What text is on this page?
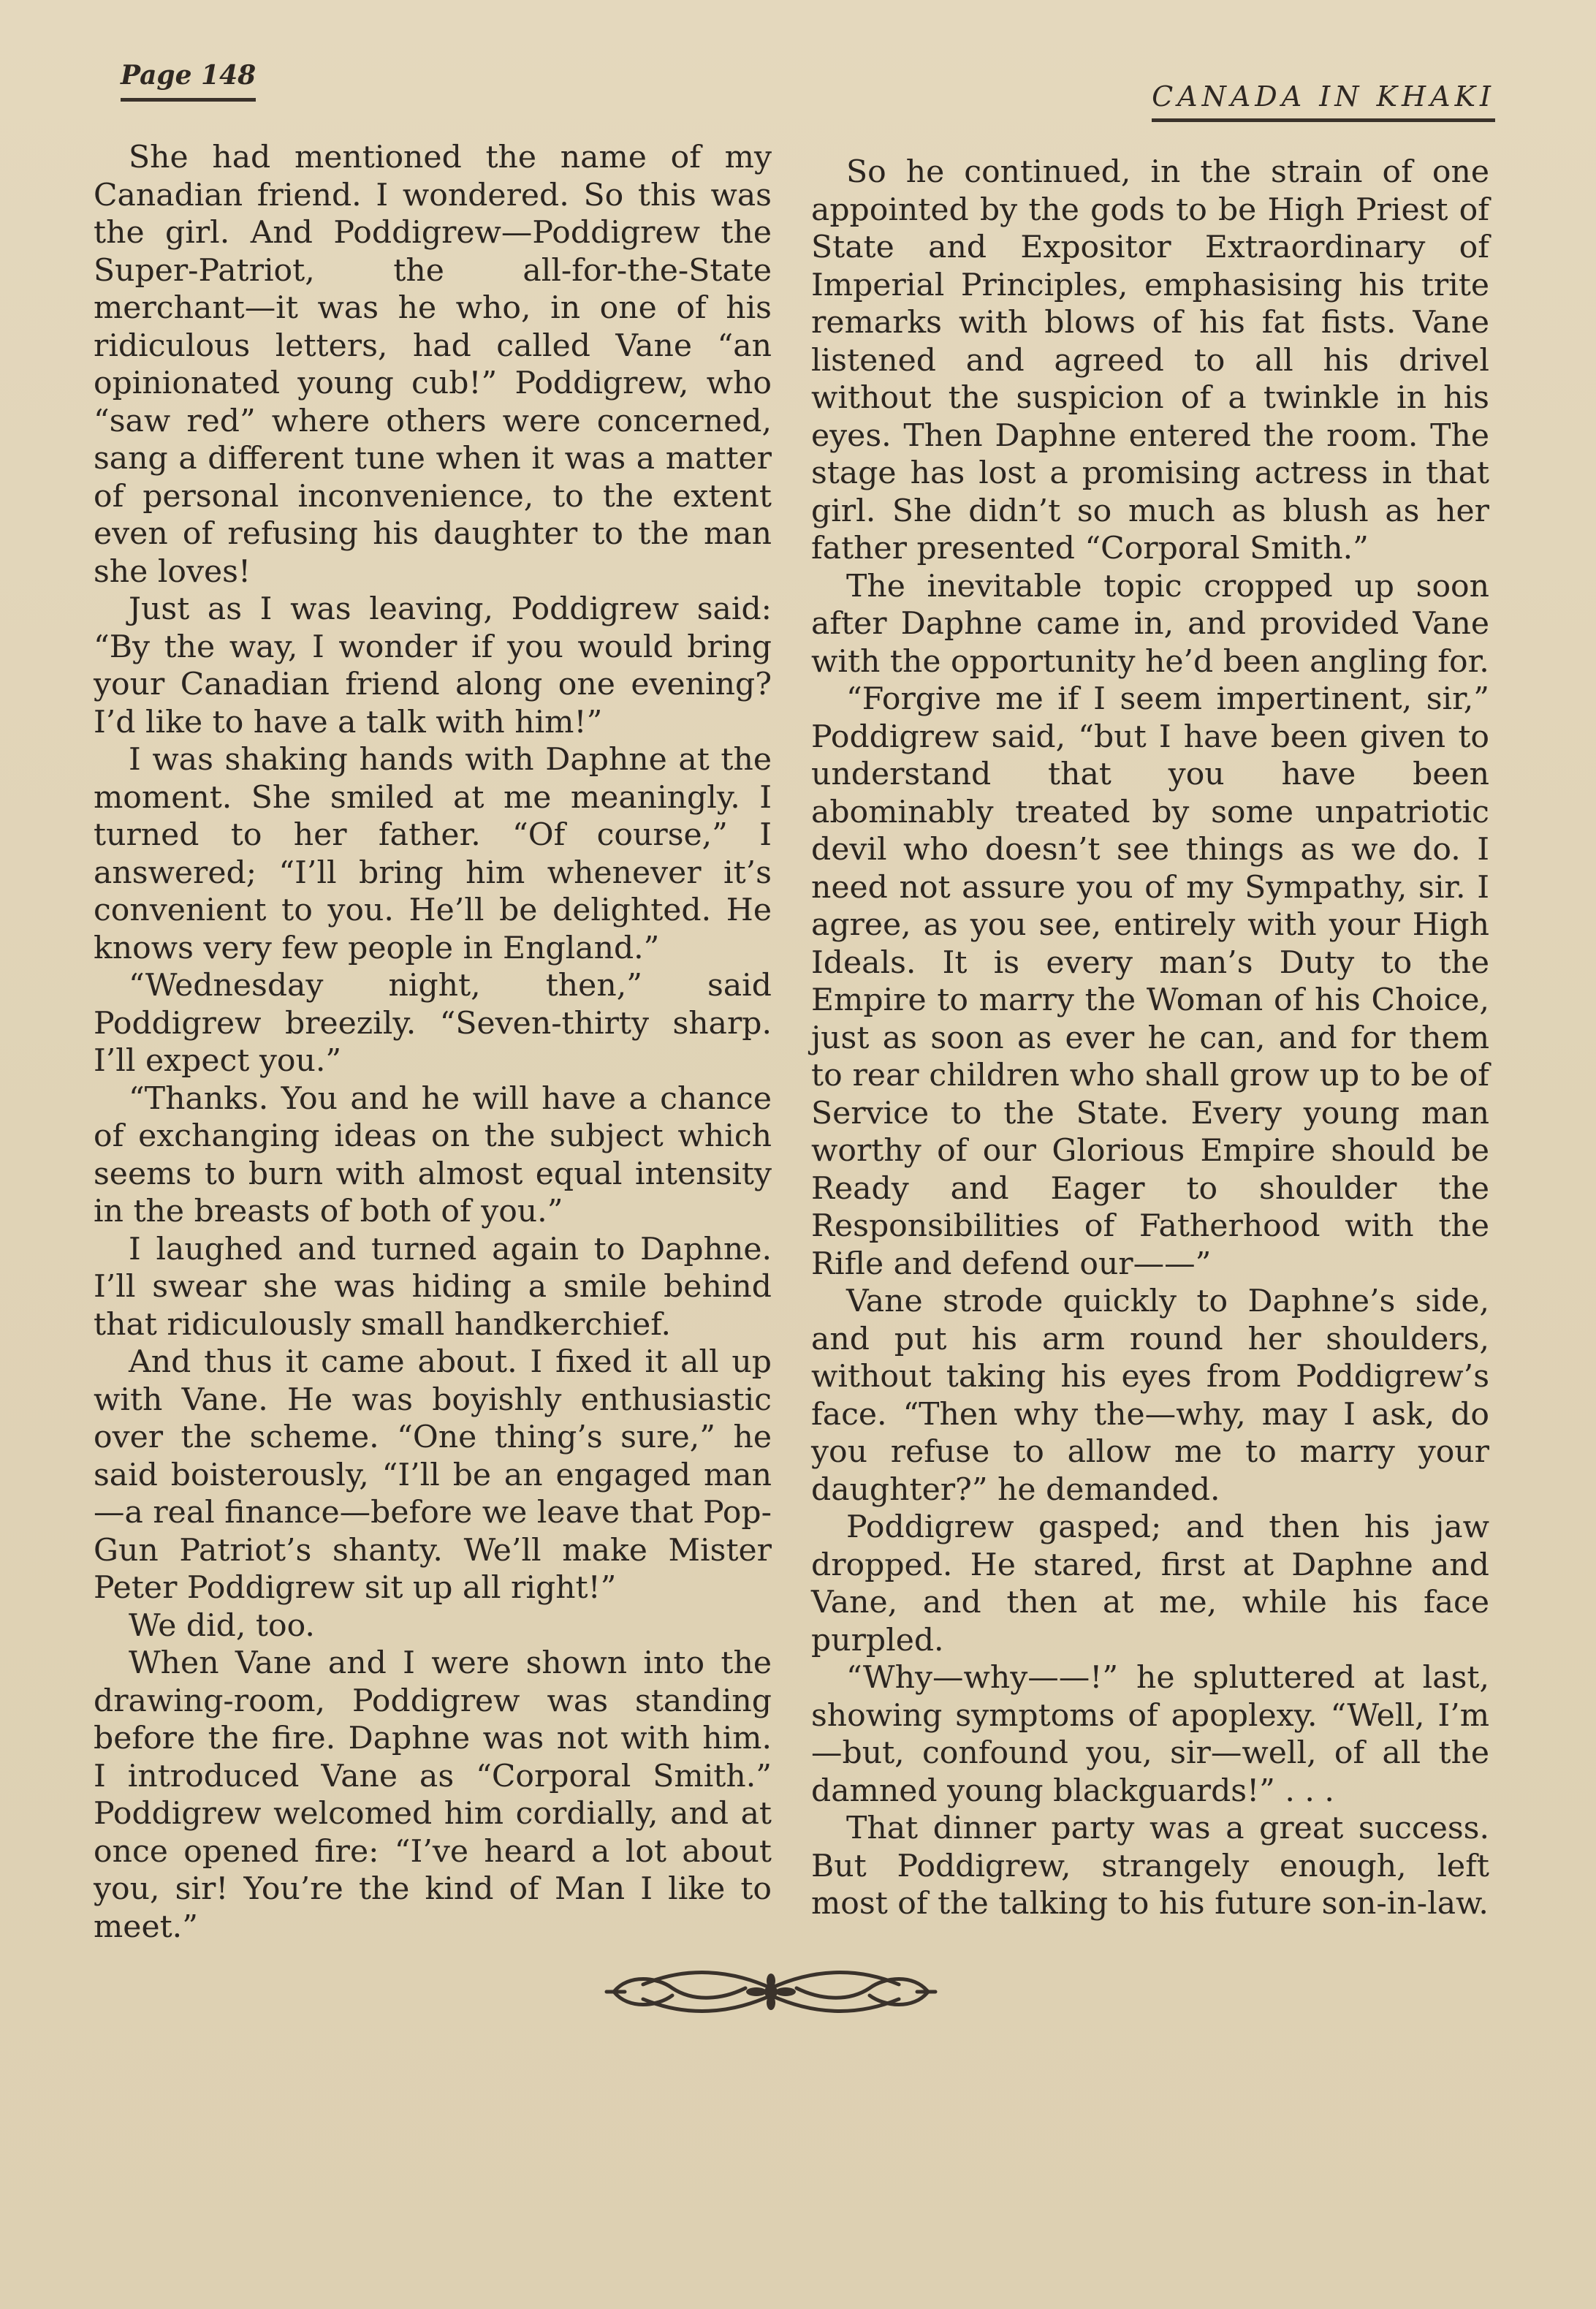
Page 148
CANADA IN KHAKI

She had mentioned the name of my Canadian friend. I wondered. So this was the girl. And Poddigrew—Poddigrew the Super-Patriot, the all-for-the-State merchant—it was he who, in one of his ridiculous letters, had called Vane “an opinionated young cub!” Poddigrew, who “saw red” where others were concerned, sang a different tune when it was a matter of personal inconvenience, to the extent even of refusing his daughter to the man she loves!

Just as I was leaving, Poddigrew said: “By the way, I wonder if you would bring your Canadian friend along one evening? I’d like to have a talk with him!”

I was shaking hands with Daphne at the moment. She smiled at me meaningly. I turned to her father. “Of course,” I answered; “I’ll bring him whenever it’s convenient to you. He’ll be delighted. He knows very few people in England.”

“Wednesday night, then,” said Poddigrew breezily. “Seven-thirty sharp. I’ll expect you.”

“Thanks. You and he will have a chance of exchanging ideas on the subject which seems to burn with almost equal intensity in the breasts of both of you.”

I laughed and turned again to Daphne. I’ll swear she was hiding a smile behind that ridiculously small handkerchief.

And thus it came about. I fixed it all up with Vane. He was boyishly enthusiastic over the scheme. “One thing’s sure,” he said boisterously, “I’ll be an engaged man—a real finance—before we leave that Pop-Gun Patriot’s shanty. We’ll make Mister Peter Poddigrew sit up all right!”

We did, too.

When Vane and I were shown into the drawing-room, Poddigrew was standing before the fire. Daphne was not with him. I introduced Vane as “Corporal Smith.” Poddigrew welcomed him cordially, and at once opened fire: “I’ve heard a lot about you, sir! You’re the kind of Man I like to meet.”

So he continued, in the strain of one appointed by the gods to be High Priest of State and Expositor Extraordinary of Imperial Principles, emphasising his trite remarks with blows of his fat fists. Vane listened and agreed to all his drivel without the suspicion of a twinkle in his eyes. Then Daphne entered the room. The stage has lost a promising actress in that girl. She didn’t so much as blush as her father presented “Corporal Smith.”

The inevitable topic cropped up soon after Daphne came in, and provided Vane with the opportunity he’d been angling for.

“Forgive me if I seem impertinent, sir,” Poddigrew said, “but I have been given to understand that you have been abominably treated by some unpatriotic devil who doesn’t see things as we do. I need not assure you of my Sympathy, sir. I agree, as you see, entirely with your High Ideals. It is every man’s Duty to the Empire to marry the Woman of his Choice, just as soon as ever he can, and for them to rear children who shall grow up to be of Service to the State. Every young man worthy of our Glorious Empire should be Ready and Eager to shoulder the Responsibilities of Fatherhood with the Rifle and defend our——”

Vane strode quickly to Daphne’s side, and put his arm round her shoulders, without taking his eyes from Poddigrew’s face. “Then why the—why, may I ask, do you refuse to allow me to marry your daughter?” he demanded.

Poddigrew gasped; and then his jaw dropped. He stared, first at Daphne and Vane, and then at me, while his face purpled.

“Why—why——!” he spluttered at last, showing symptoms of apoplexy. “Well, I’m—but, confound you, sir—well, of all the damned young blackguards!” . . .

That dinner party was a great success. But Poddigrew, strangely enough, left most of the talking to his future son-in-law.
